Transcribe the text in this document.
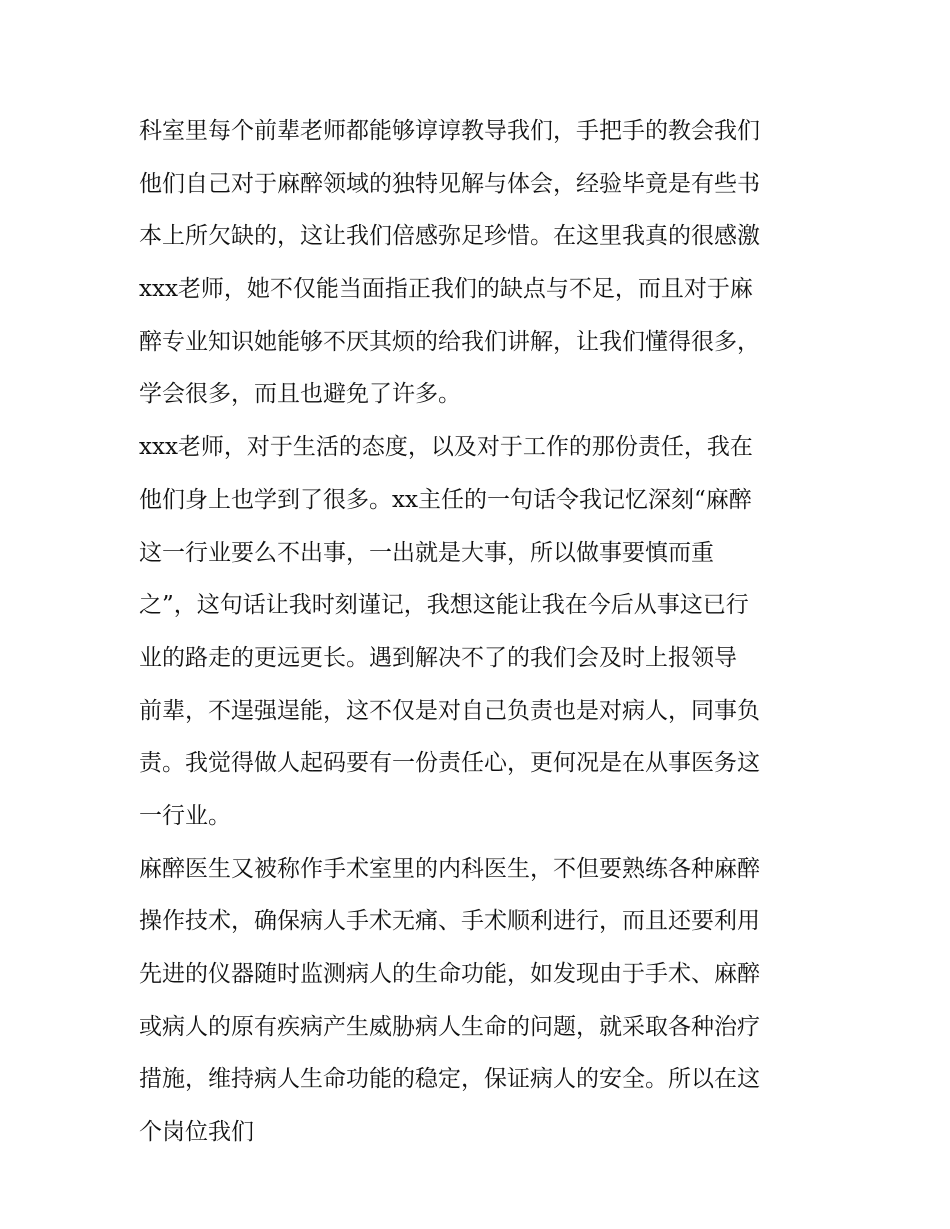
科室里每个前辈老师都能够谆谆教导我们，手把手的教会我们
他们自己对于麻醉领域的独特见解与体会，经验毕竟是有些书
本上所欠缺的，这让我们倍感弥足珍惜。在这里我真的很感激
xxx老师，她不仅能当面指正我们的缺点与不足，而且对于麻
醉专业知识她能够不厌其烦的给我们讲解，让我们懂得很多，
学会很多，而且也避免了许多。
xxx老师，对于生活的态度，以及对于工作的那份责任，我在
他们身上也学到了很多。xx主任的一句话令我记忆深刻“麻醉
这一行业要么不出事，一出就是大事，所以做事要慎而重
之”，这句话让我时刻谨记，我想这能让我在今后从事这已行
业的路走的更远更长。遇到解决不了的我们会及时上报领导
前辈，不逞强逞能，这不仅是对自己负责也是对病人，同事负
责。我觉得做人起码要有一份责任心，更何况是在从事医务这
一行业。
麻醉医生又被称作手术室里的内科医生，不但要熟练各种麻醉
操作技术，确保病人手术无痛、手术顺利进行，而且还要利用
先进的仪器随时监测病人的生命功能，如发现由于手术、麻醉
或病人的原有疾病产生威胁病人生命的问题，就采取各种治疗
措施，维持病人生命功能的稳定，保证病人的安全。所以在这
个岗位我们
